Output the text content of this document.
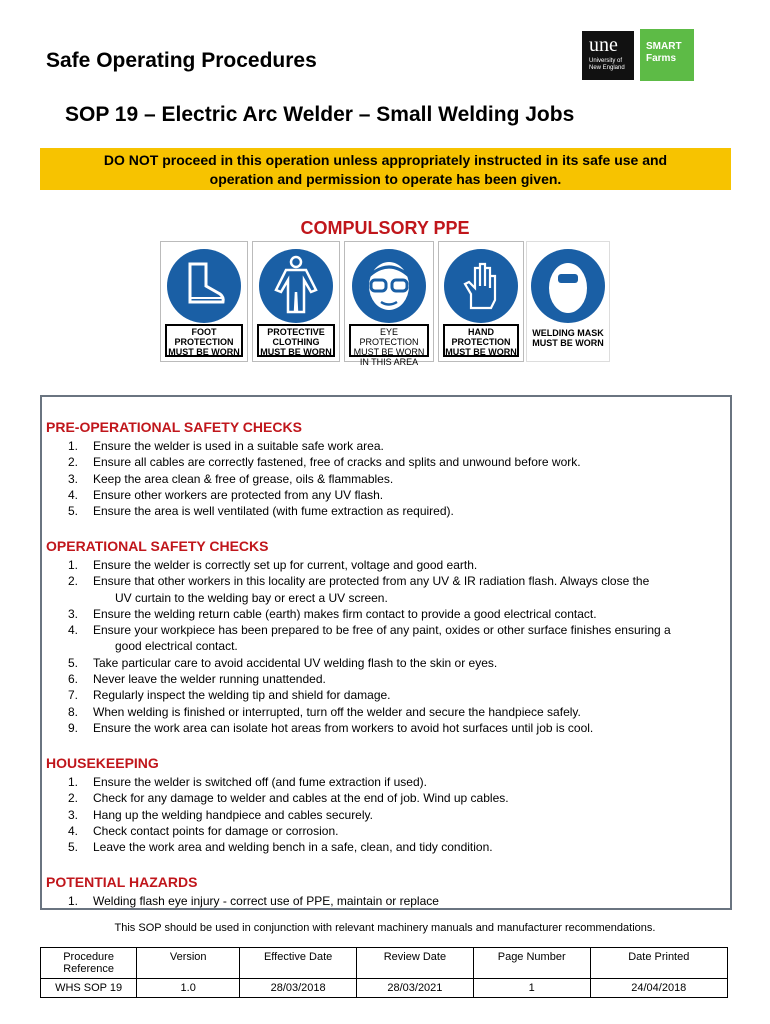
Safe Operating Procedures
une
University of
New England
SMART
Farms
SOP 19 – Electric Arc Welder – Small Welding Jobs
DO NOT proceed in this operation unless appropriately instructed in its safe use and
operation and permission to operate has been given.
COMPULSORY PPE
FOOT
PROTECTION
MUST BE WORN
PROTECTIVE
CLOTHING
MUST BE WORN
EYE PROTECTION
MUST BE WORN
IN THIS AREA
HAND
PROTECTION
MUST BE WORN
WELDING MASK
MUST BE WORN
PRE-OPERATIONAL SAFETY CHECKS
1. Ensure the welder is used in a suitable safe work area.
2. Ensure all cables are correctly fastened, free of cracks and splits and unwound before work.
3. Keep the area clean & free of grease, oils & flammables.
4. Ensure other workers are protected from any UV flash.
5. Ensure the area is well ventilated (with fume extraction as required).
OPERATIONAL SAFETY CHECKS
1. Ensure the welder is correctly set up for current, voltage and good earth.
2. Ensure that other workers in this locality are protected from any UV & IR radiation flash. Always close the
UV curtain to the welding bay or erect a UV screen.
3. Ensure the welding return cable (earth) makes firm contact to provide a good electrical contact.
4. Ensure your workpiece has been prepared to be free of any paint, oxides or other surface finishes ensuring a
good electrical contact.
5. Take particular care to avoid accidental UV welding flash to the skin or eyes.
6. Never leave the welder running unattended.
7. Regularly inspect the welding tip and shield for damage.
8. When welding is finished or interrupted, turn off the welder and secure the handpiece safely.
9. Ensure the work area can isolate hot areas from workers to avoid hot surfaces until job is cool.
HOUSEKEEPING
1. Ensure the welder is switched off (and fume extraction if used).
2. Check for any damage to welder and cables at the end of job. Wind up cables.
3. Hang up the welding handpiece and cables securely.
4. Check contact points for damage or corrosion.
5. Leave the work area and welding bench in a safe, clean, and tidy condition.
POTENTIAL HAZARDS
1. Welding flash eye injury - correct use of PPE, maintain or replace
This SOP should be used in conjunction with relevant machinery manuals and manufacturer recommendations.
Procedure Reference	Version	Effective Date	Review Date	Page Number	Date Printed
WHS SOP 19	1.0	28/03/2018	28/03/2021	1	24/04/2018
